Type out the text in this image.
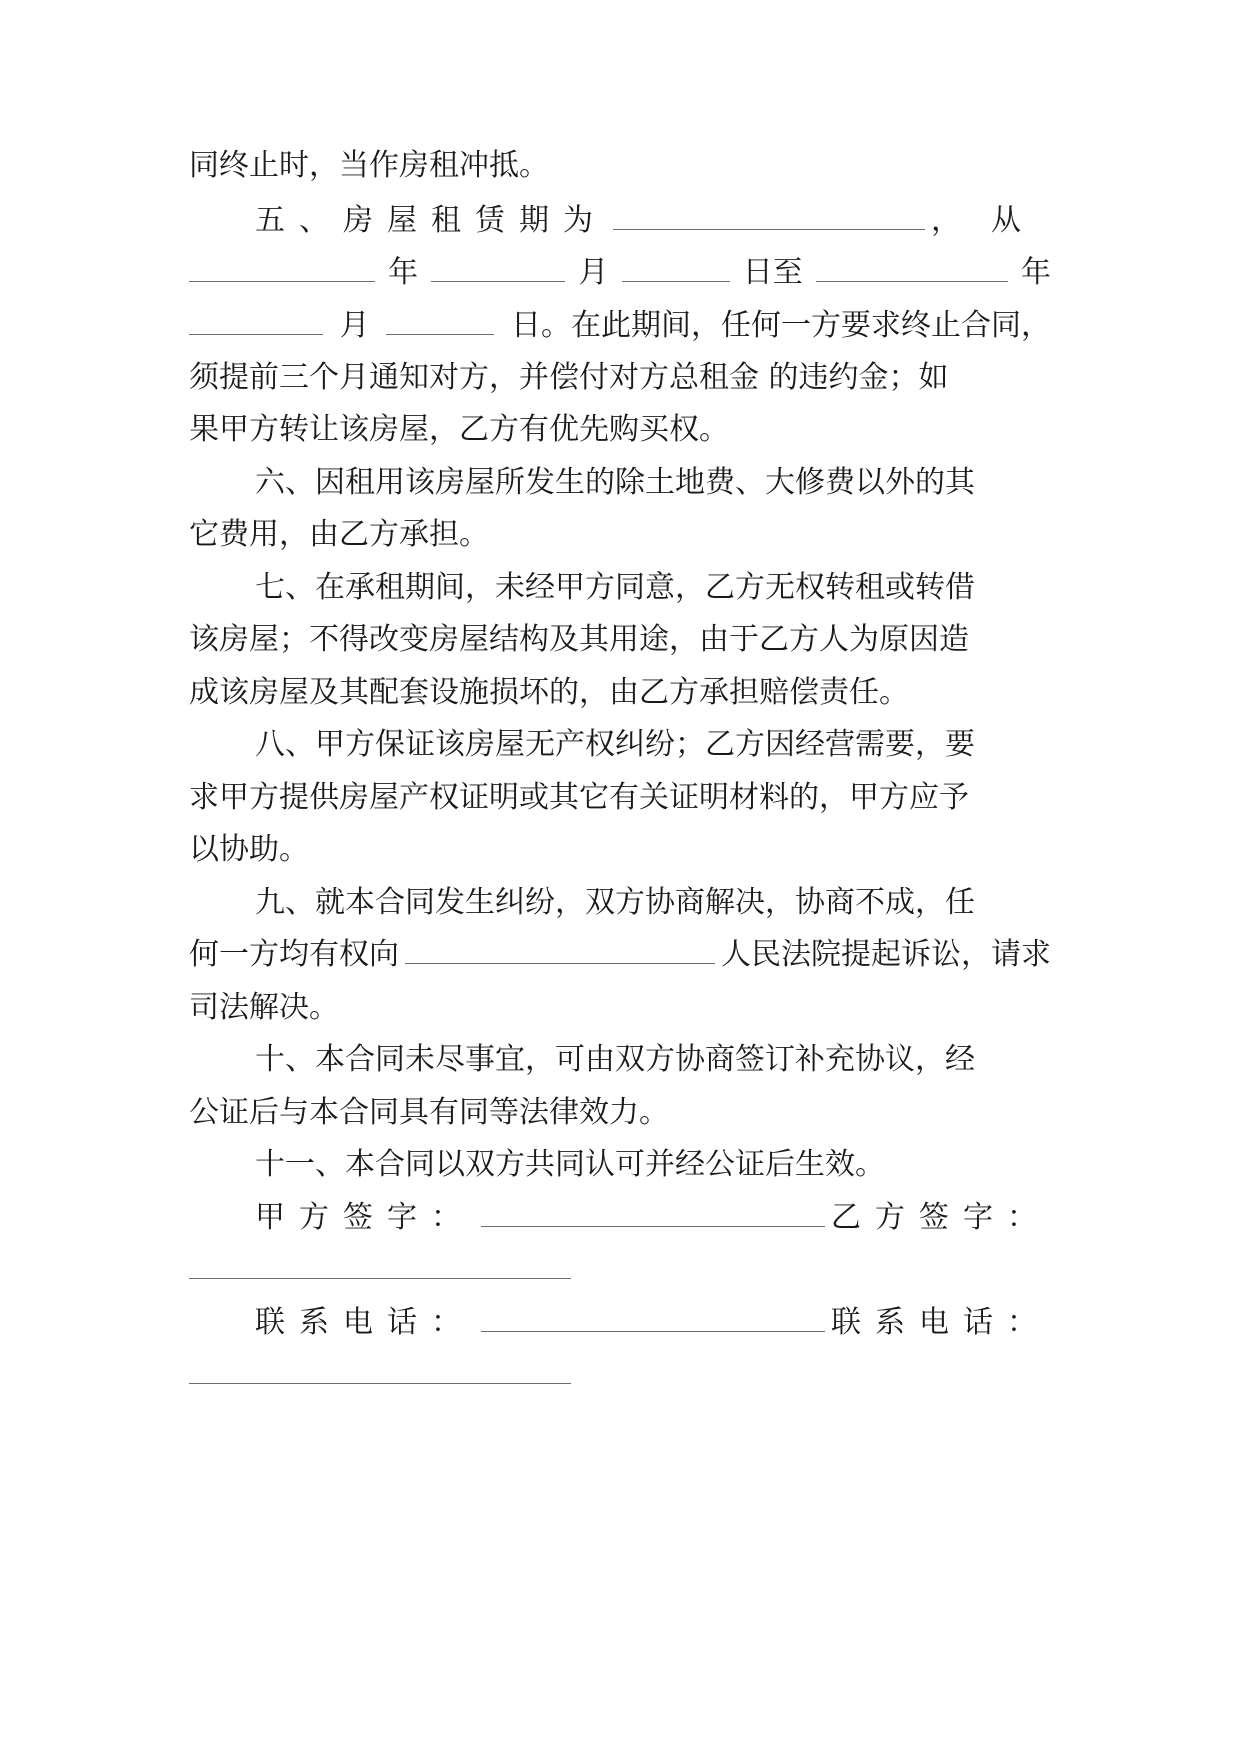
同终止时，当作房租冲抵。
五、房屋租赁期为	，从
年	月	日至	年
月	日。在此期间，任何一方要求终止合同，
须提前三个月通知对方，并偿付对方总租金 的违约金；如
果甲方转让该房屋，乙方有优先购买权。
六、因租用该房屋所发生的除土地费、大修费以外的其
它费用，由乙方承担。
七、在承租期间，未经甲方同意，乙方无权转租或转借
该房屋；不得改变房屋结构及其用途，由于乙方人为原因造
成该房屋及其配套设施损坏的，由乙方承担赔偿责任。
八、甲方保证该房屋无产权纠纷；乙方因经营需要，要
求甲方提供房屋产权证明或其它有关证明材料的，甲方应予
以协助。
九、就本合同发生纠纷，双方协商解决，协商不成，任
何一方均有权向	人民法院提起诉讼，请求
司法解决。
十、本合同未尽事宜，可由双方协商签订补充协议，经
公证后与本合同具有同等法律效力。
十一、本合同以双方共同认可并经公证后生效。
甲方签字：	乙方签字：
联系电话：	联系电话：
